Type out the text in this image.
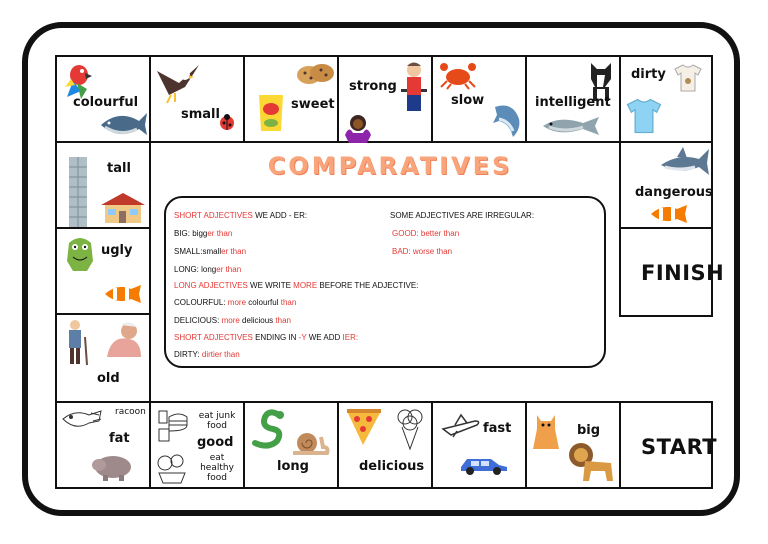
colourful
small
sweet
strong
slow	intelligent
dirty
tall
ugly
old
dangerous
FINISH
racoon
fat
eat junk food
good
eat healthy food
long	delicious
fast	big
START
COMPARATIVES
SHORT ADJECTIVES WE ADD - ER:
BIG: bigger than
SMALL:smaller than
LONG: longer than
LONG ADJECTIVES WE WRITE MORE BEFORE THE ADJECTIVE:
COLOURFUL: more colourful than
DELICIOUS: more delicious than
SHORT ADJECTIVES ENDING IN -Y WE ADD IER:
DIRTY: dirtier than
SOME ADJECTIVES ARE IRREGULAR:
GOOD: better than
BAD: worse than
